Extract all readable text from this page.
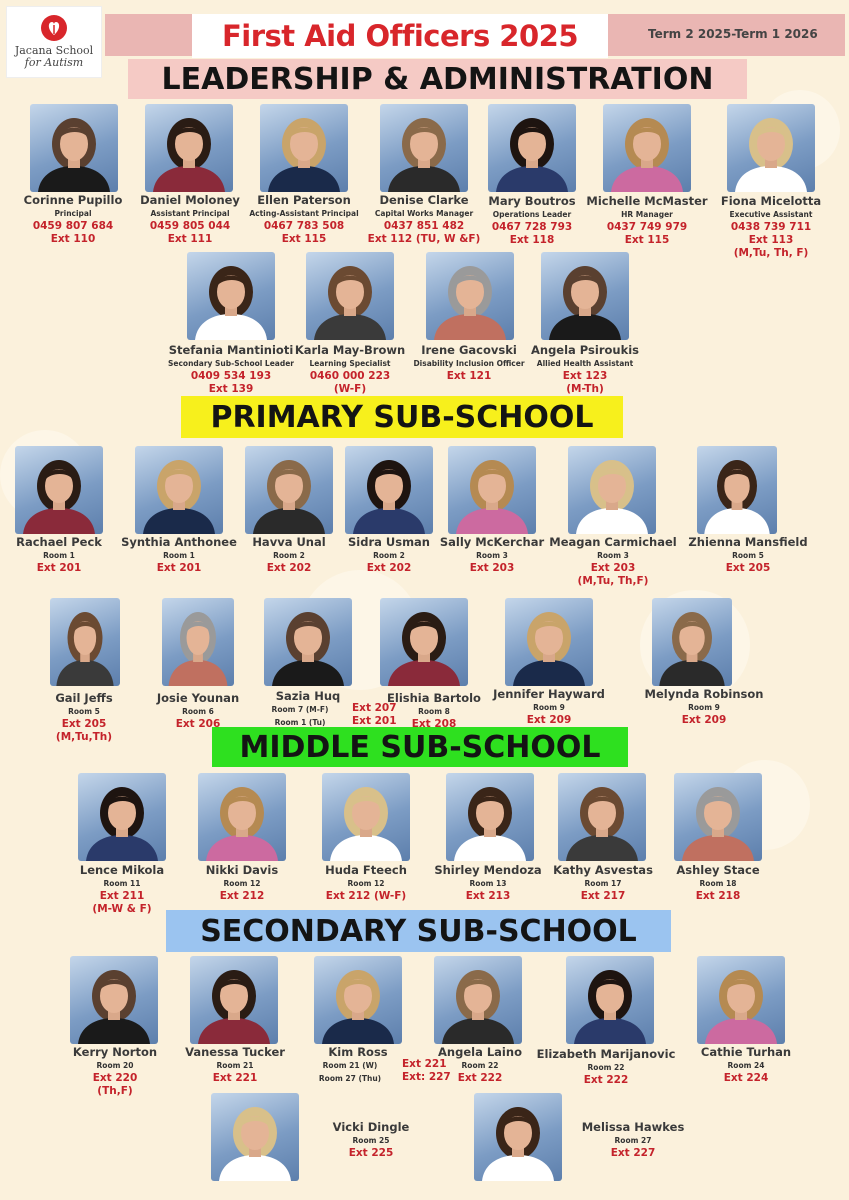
Jacana School
for Autism
First Aid Officers 2025	Term 2 2025-Term 1 2026
LEADERSHIP & ADMINISTRATION
PRIMARY SUB-SCHOOL
MIDDLE SUB-SCHOOL
SECONDARY SUB-SCHOOL
Corinne Pupillo
Principal
0459 807 684
Ext 110
Daniel Moloney
Assistant Principal
0459 805 044
Ext 111
Ellen Paterson
Acting-Assistant Principal
0467 783 508
Ext 115
Denise Clarke
Capital Works Manager
0437 851 482
Ext 112 (TU, W &F)
Mary Boutros
Operations Leader
0467 728 793
Ext 118
Michelle McMaster
HR Manager
0437 749 979
Ext 115
Fiona Micelotta
Executive Assistant
0438 739 711
Ext 113
(M,Tu, Th, F)
Stefania Mantinioti
Secondary Sub-School Leader
0409 534 193
Ext 139
Karla May-Brown
Learning Specialist
0460 000 223
(W-F)
Irene Gacovski
Disability Inclusion Officer
Ext 121
Angela Psiroukis
Allied Health Assistant
Ext 123
(M-Th)
Rachael Peck
Room 1
Ext 201
Synthia Anthonee
Room 1
Ext 201
Havva Unal
Room 2
Ext 202
Sidra Usman
Room 2
Ext 202
Sally McKerchar
Room 3
Ext 203
Meagan Carmichael
Room 3
Ext 203
(M,Tu, Th,F)
Zhienna Mansfield
Room 5
Ext 205
Gail Jeffs
Room 5
Ext 205
(M,Tu,Th)
Josie Younan
Room 6
Ext 206
Sazia Huq
Room 7 (M-F) Ext 207
Room 1 (Tu)	Ext 201
Elishia Bartolo
Room 8
Ext 208
Jennifer Hayward
Room 9
Ext 209
Melynda Robinson
Room 9
Ext 209
Lence Mikola
Room 11
Ext 211
(M-W & F)
Nikki Davis
Room 12
Ext 212
Huda Fteech
Room 12
Ext 212 (W-F)
Shirley Mendoza
Room 13
Ext 213
Kathy Asvestas
Room 17
Ext 217
Ashley Stace
Room 18
Ext 218
Kerry Norton
Room 20
Ext 220
(Th,F)
Vanessa Tucker
Room 21
Ext 221
Kim Ross
Room 21 (W) Ext 221
Room 27 (Thu) Ext: 227
Angela Laino
Room 22
Ext 222
Elizabeth Marijanovic
Room 22
Ext 222
Cathie Turhan
Room 24
Ext 224
Vicki Dingle
Room 25
Ext 225
Melissa Hawkes
Room 27
Ext 227
